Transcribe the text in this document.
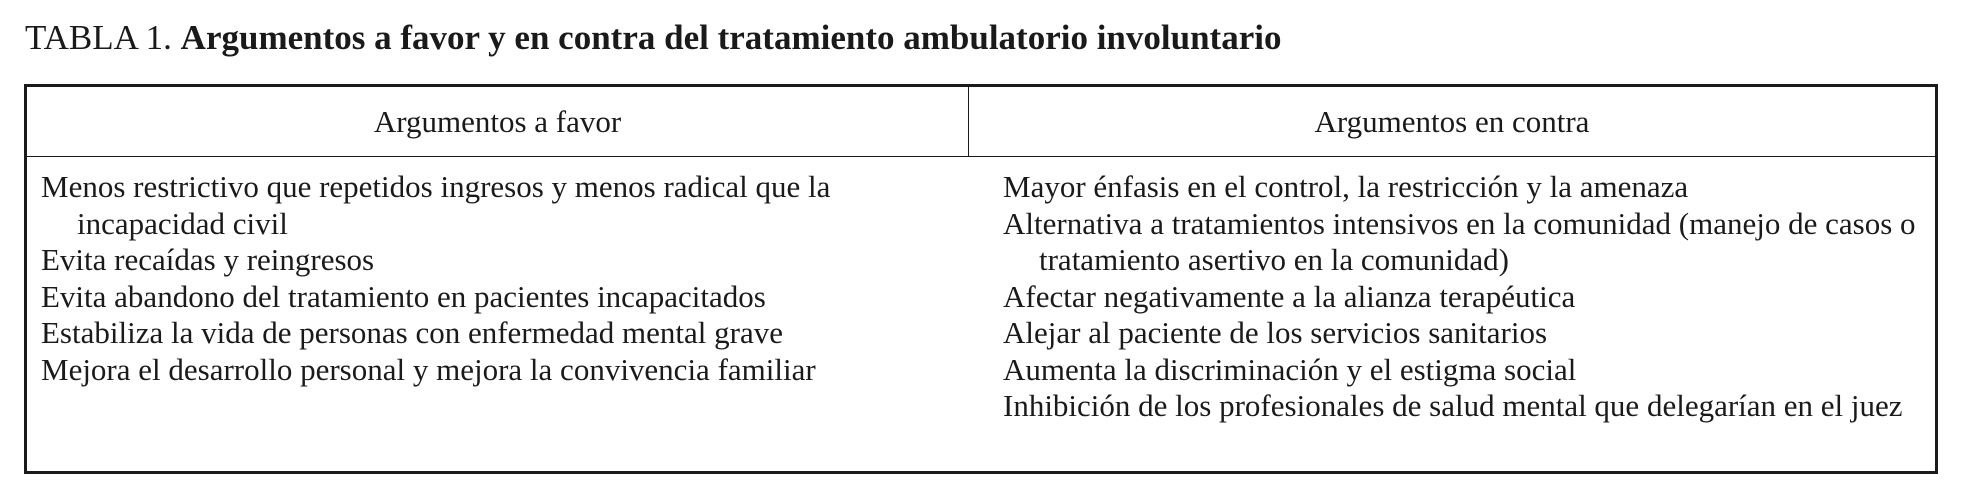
TABLA 1. Argumentos a favor y en contra del tratamiento ambulatorio involuntario
Argumentos a favor	Argumentos en contra

Menos restrictivo que repetidos ingresos y menos radical que la incapacidad civil

Evita recaídas y reingresos

Evita abandono del tratamiento en pacientes incapacitados

Estabiliza la vida de personas con enfermedad mental grave

Mejora el desarrollo personal y mejora la convivencia familiar

Mayor énfasis en el control, la restricción y la amenaza

Alternativa a tratamientos intensivos en la comunidad (manejo de casos o tratamiento asertivo en la comunidad)

Afectar negativamente a la alianza terapéutica

Alejar al paciente de los servicios sanitarios

Aumenta la discriminación y el estigma social

Inhibición de los profesionales de salud mental que delegarían en el juez
